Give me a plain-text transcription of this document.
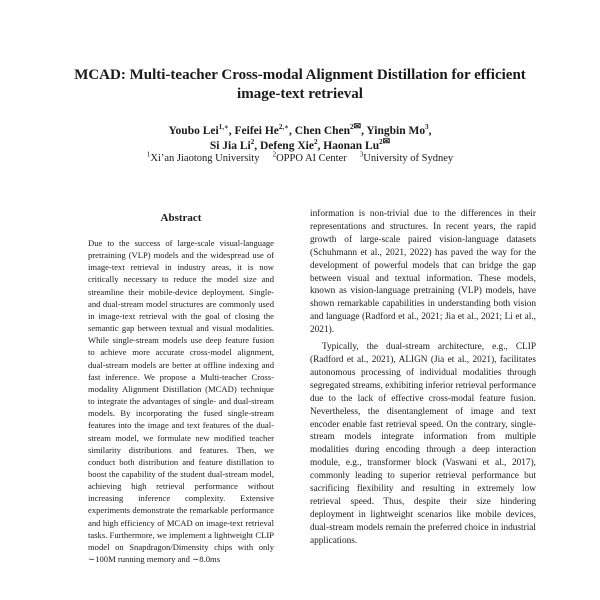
MCAD: Multi-teacher Cross-modal Alignment Distillation for efficient
image-text retrieval
Youbo Lei$^{1,∗}$, Feifei $He^{2,∗}$, Chen Chen$^{2✉}$, Yingbin Mo$^3$,
Si Jia Li$^2$, Defeng Xie$^2$, Haonan $Lu^{2✉}$
$^1$Xi’an Jiaotong University $^2$OPPO AI Center $^3$University of Sydney
Abstract

Due to the success of large-scale visual-language pretraining (VLP) models and the widespread use of image-text retrieval in industry areas, it is now critically necessary to reduce the model size and streamline their mobile-device deployment. Single- and dual-stream model structures are commonly used in image-text retrieval with the goal of closing the semantic gap between textual and visual modalities. While single-stream models use deep feature fusion to achieve more accurate cross-model alignment, dual-stream models are better at offline indexing and fast inference. We propose a Multi-teacher Cross-modality Alignment Distillation (MCAD) technique to integrate the advantages of single- and dual-stream models. By incorporating the fused single-stream features into the image and text features of the dual-stream model, we formulate new modified teacher similarity distributions and features. Then, we conduct both distribution and feature distillation to boost the capability of the student dual-stream model, achieving high retrieval performance without increasing inference complexity. Extensive experiments demonstrate the remarkable performance and high efficiency of MCAD on image-text retrieval tasks. Furthermore, we implement a lightweight CLIP model on Snapdragon/Dimensity chips with only ∼100M running memory and ∼8.0ms

information is non-trivial due to the differences in their representations and structures. In recent years, the rapid growth of large-scale paired vision-language datasets (Schuhmann et al., 2021, 2022) has paved the way for the development of powerful models that can bridge the gap between visual and textual information. These models, known as vision-language pretraining (VLP) models, have shown remarkable capabilities in understanding both vision and language (Radford et al., 2021; Jia et al., 2021; Li et al., 2021).

Typically, the dual-stream architecture, e.g., CLIP (Radford et al., 2021), ALIGN (Jia et al., 2021), facilitates autonomous processing of individual modalities through segregated streams, exhibiting inferior retrieval performance due to the lack of effective cross-modal feature fusion. Nevertheless, the disentanglement of image and text encoder enable fast retrieval speed. On the contrary, single-stream models integrate information from multiple modalities during encoding through a deep interaction module, e.g., transformer block (Vaswani et al., 2017), commonly leading to superior retrieval performance but sacrificing flexibility and resulting in extremely low retrieval speed. Thus, despite their size hindering deployment in lightweight scenarios like mobile devices, dual-stream models remain the preferred choice in industrial applications.
